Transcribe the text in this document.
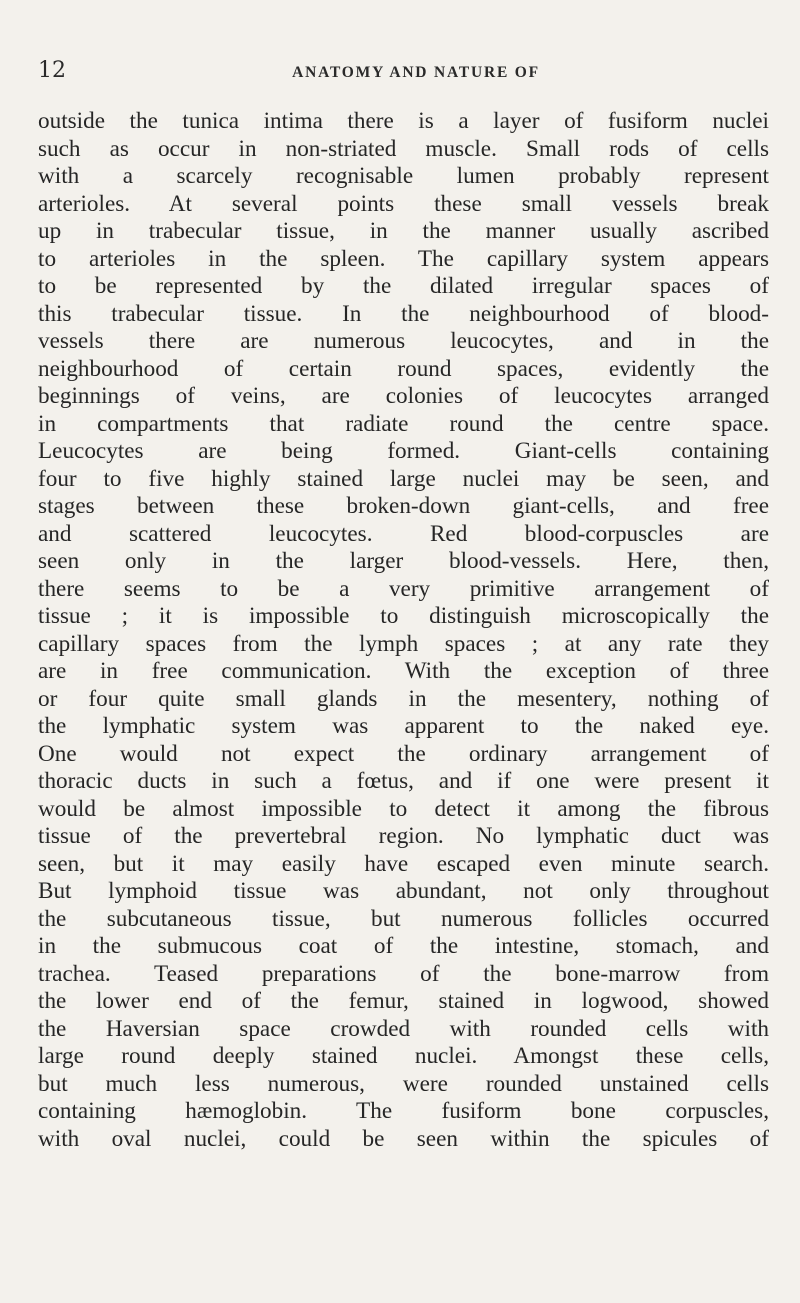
12	ANATOMY AND NATURE OF
outside the tunica intima there is a layer of fusiform nuclei
such as occur in non-striated muscle. Small rods of cells
with a scarcely recognisable lumen probably represent
arterioles. At several points these small vessels break
up in trabecular tissue, in the manner usually ascribed
to arterioles in the spleen. The capillary system appears
to be represented by the dilated irregular spaces of
this trabecular tissue. In the neighbourhood of blood-
vessels there are numerous leucocytes, and in the
neighbourhood of certain round spaces, evidently the
beginnings of veins, are colonies of leucocytes arranged
in compartments that radiate round the centre space.
Leucocytes are being formed. Giant-cells containing
four to five highly stained large nuclei may be seen, and
stages between these broken-down giant-cells, and free
and scattered leucocytes. Red blood-corpuscles are
seen only in the larger blood-vessels. Here, then,
there seems to be a very primitive arrangement of
tissue ; it is impossible to distinguish microscopically the
capillary spaces from the lymph spaces ; at any rate they
are in free communication. With the exception of three
or four quite small glands in the mesentery, nothing of
the lymphatic system was apparent to the naked eye.
One would not expect the ordinary arrangement of
thoracic ducts in such a fœtus, and if one were present it
would be almost impossible to detect it among the fibrous
tissue of the prevertebral region. No lymphatic duct was
seen, but it may easily have escaped even minute search.
But lymphoid tissue was abundant, not only throughout
the subcutaneous tissue, but numerous follicles occurred
in the submucous coat of the intestine, stomach, and
trachea. Teased preparations of the bone-marrow from
the lower end of the femur, stained in logwood, showed
the Haversian space crowded with rounded cells with
large round deeply stained nuclei. Amongst these cells,
but much less numerous, were rounded unstained cells
containing hæmoglobin. The fusiform bone corpuscles,
with oval nuclei, could be seen within the spicules of
